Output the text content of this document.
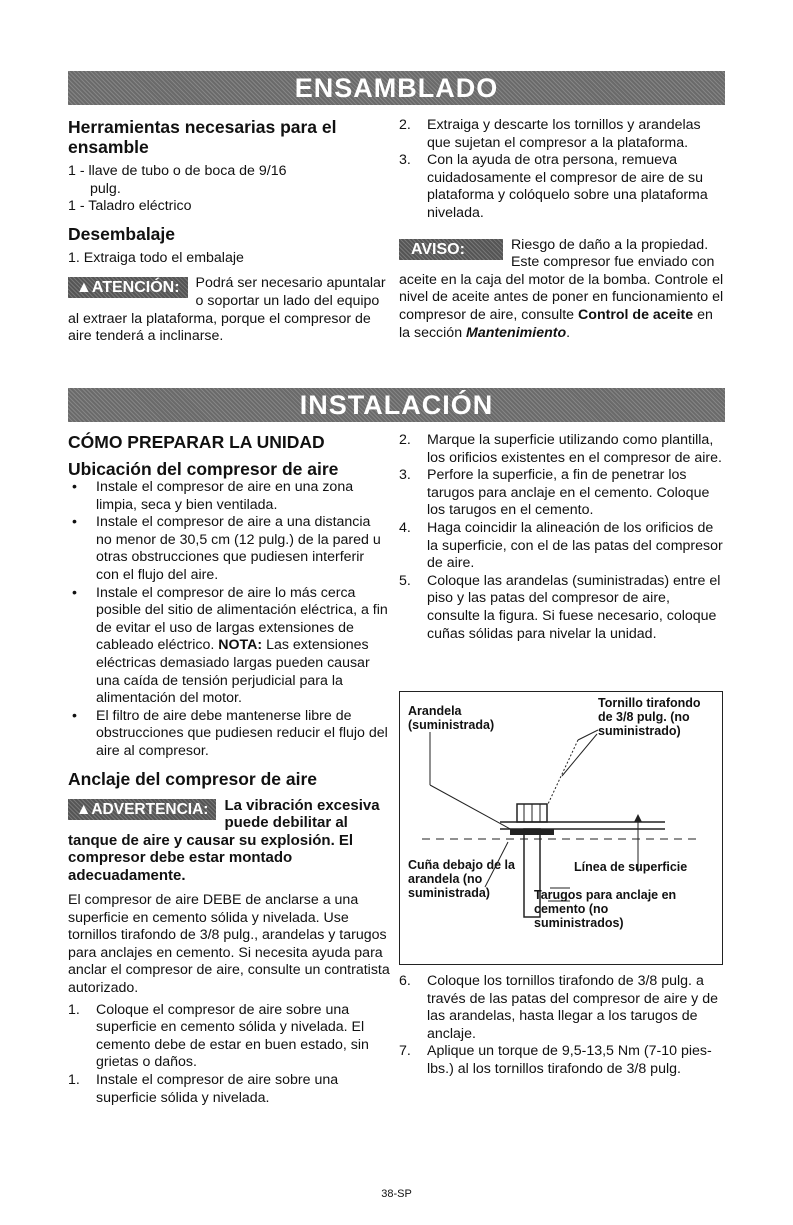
ENSAMBLADO
Herramientas necesarias para el ensamble

1 - llave de tubo o de boca de 9/16 pulg.

1 - Taladro eléctrico

Desembalaje

1. Extraiga todo el embalaje

▲ATENCIÓN:	Podrá ser necesario apuntalar o soportar un lado del equipo al extraer la plataforma, porque el compresor de aire tenderá a inclinarse.

2. Extraiga y descarte los tornillos y arandelas que sujetan el compresor a la plataforma.

3. Con la ayuda de otra persona, remueva cuidadosamente el compresor de aire de su plataforma y colóquelo sobre una plataforma nivelada.

AVISO:	Riesgo de daño a la propiedad. Este compresor fue enviado con aceite en la caja del motor de la bomba. Controle el nivel de aceite antes de poner en funcionamiento el compresor de aire, consulte Control de aceite en la sección Mantenimiento.

INSTALACIÓN
CÓMO PREPARAR LA UNIDAD
Ubicación del compresor de aire

• Instale el compresor de aire en una zona limpia, seca y bien ventilada.

• Instale el compresor de aire a una distancia no menor de 30,5 cm (12 pulg.) de la pared u otras obstrucciones que pudiesen interferir con el flujo del aire.

• Instale el compresor de aire lo más cerca posible del sitio de alimentación eléctrica, a fin de evitar el uso de largas extensiones de cableado eléctrico. NOTA: Las extensiones eléctricas demasiado largas pueden causar una caída de tensión perjudicial para la alimentación del motor.

• El filtro de aire debe mantenerse libre de obstrucciones que pudiesen reducir el flujo del aire al compresor.

Anclaje del compresor de aire

▲ADVERTENCIA:	La vibración excesiva puede debilitar al tanque de aire y causar su explosión. El compresor debe estar montado adecuadamente.

El compresor de aire DEBE de anclarse a una superficie en cemento sólida y nivelada. Use tornillos tirafondo de 3/8 pulg., arandelas y tarugos para anclajes en cemento. Si necesita ayuda para anclar el compresor de aire, consulte un contratista autorizado.

1. Coloque el compresor de aire sobre una superficie en cemento sólida y nivelada. El cemento debe de estar en buen estado, sin grietas o daños.

1. Instale el compresor de aire sobre una superficie sólida y nivelada.

2. Marque la superficie utilizando como plantilla, los orificios existentes en el compresor de aire.

3. Perfore la superficie, a fin de penetrar los tarugos para anclaje en el cemento. Coloque los tarugos en el cemento.

4. Haga coincidir la alineación de los orificios de la superficie, con el de las patas del compresor de aire.

5. Coloque las arandelas (suministradas) entre el piso y las patas del compresor de aire, consulte la figura. Si fuese necesario, coloque cuñas sólidas para nivelar la unidad.

Arandela (suministrada)
Tornillo tirafondo de 3/8 pulg. (no suministrado)
Cuña debajo de la arandela (no suministrada)
Línea de superficie
Tarugos para anclaje en cemento (no suministrados)

6. Coloque los tornillos tirafondo de 3/8 pulg. a través de las patas del compresor de aire y de las arandelas, hasta llegar a los tarugos de anclaje.

7. Aplique un torque de 9,5-13,5 Nm (7-10 pies-lbs.) al los tornillos tirafondo de 3/8 pulg.

38-SP
